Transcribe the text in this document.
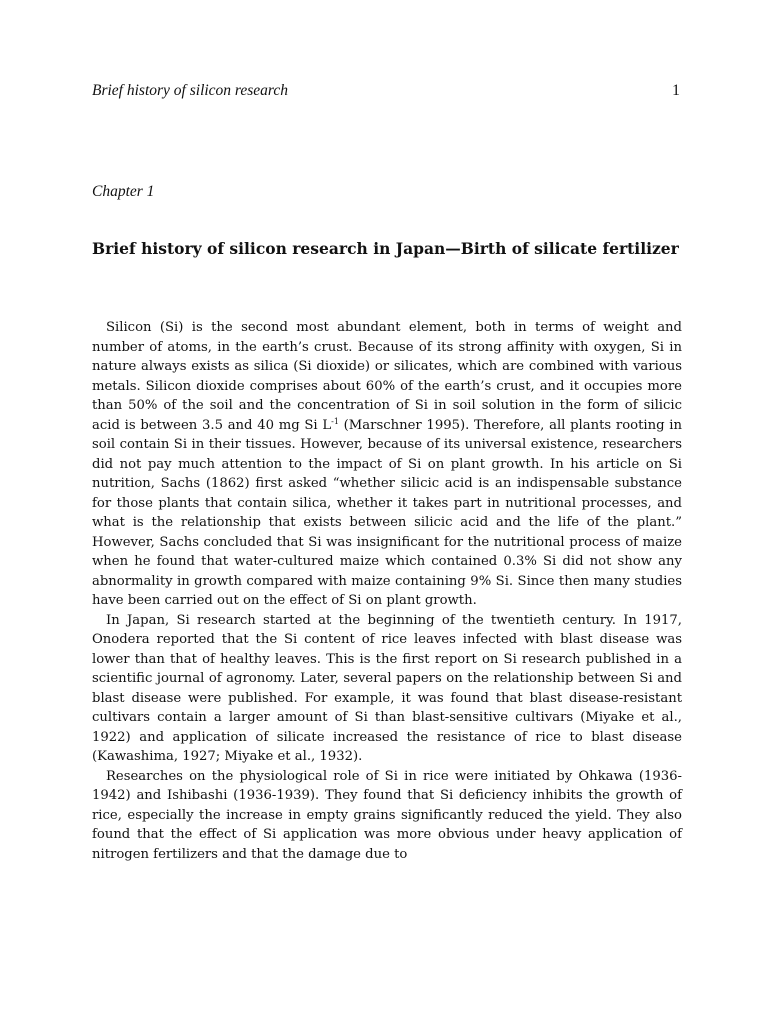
Brief history of silicon research	1
Chapter 1
Brief history of silicon research in Japan—Birth of silicate fertilizer

Silicon (Si) is the second most abundant element, both in terms of weight and number of atoms, in the earth’s crust. Because of its strong affinity with oxygen, Si in nature always exists as silica (Si dioxide) or silicates, which are combined with various metals. Silicon dioxide comprises about 60% of the earth’s crust, and it occupies more than 50% of the soil and the concentration of Si in soil solution in the form of silicic acid is between 3.5 and 40 mg Si $L^{-1}$ (Marschner 1995). Therefore, all plants rooting in soil contain Si in their tissues. However, because of its universal existence, researchers did not pay much attention to the impact of Si on plant growth. In his article on Si nutrition, Sachs (1862) first asked “whether silicic acid is an indispensable substance for those plants that contain silica, whether it takes part in nutritional processes, and what is the relationship that exists between silicic acid and the life of the plant.” However, Sachs concluded that Si was insignificant for the nutritional process of maize when he found that water-cultured maize which contained 0.3% Si did not show any abnormality in growth compared with maize containing 9% Si. Since then many studies have been carried out on the effect of Si on plant growth.

In Japan, Si research started at the beginning of the twentieth century. In 1917, Onodera reported that the Si content of rice leaves infected with blast disease was lower than that of healthy leaves. This is the first report on Si research published in a scientific journal of agronomy. Later, several papers on the relationship between Si and blast disease were published. For example, it was found that blast disease-resistant cultivars contain a larger amount of Si than blast-sensitive cultivars (Miyake et al., 1922) and application of silicate increased the resistance of rice to blast disease (Kawashima, 1927; Miyake et al., 1932).

Researches on the physiological role of Si in rice were initiated by Ohkawa (1936-1942) and Ishibashi (1936-1939). They found that Si deficiency inhibits the growth of rice, especially the increase in empty grains significantly reduced the yield. They also found that the effect of Si application was more obvious under heavy application of nitrogen fertilizers and that the damage due to
